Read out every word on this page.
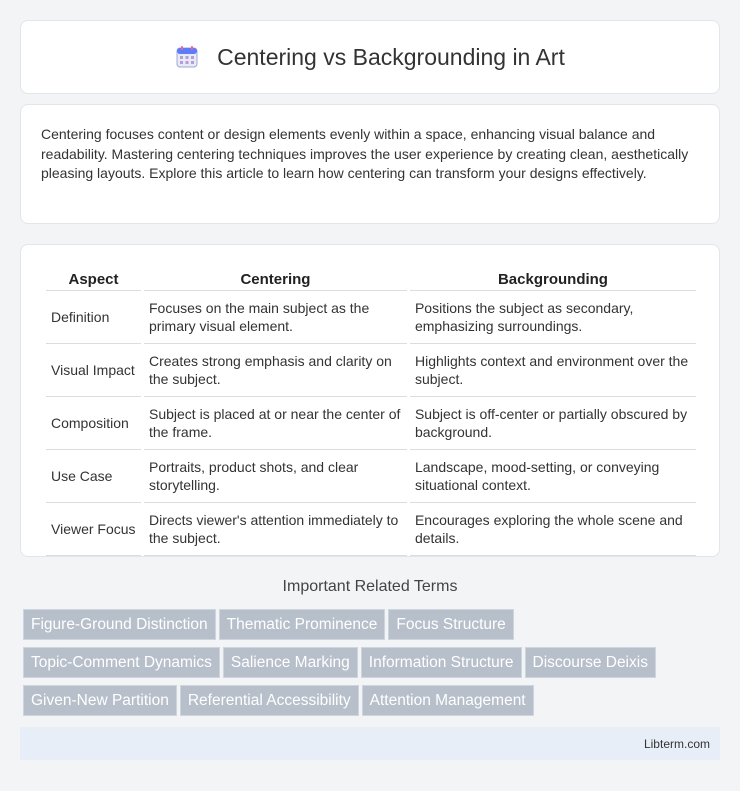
Centering vs Backgrounding in Art

Centering focuses content or design elements evenly within a space, enhancing visual balance and readability. Mastering centering techniques improves the user experience by creating clean, aesthetically pleasing layouts. Explore this article to learn how centering can transform your designs effectively.

Aspect	Centering	Backgrounding
Definition	Focuses on the main subject as the primary visual element.	Positions the subject as secondary, emphasizing surroundings.
Visual Impact	Creates strong emphasis and clarity on the subject.	Highlights context and environment over the subject.
Composition	Subject is placed at or near the center of the frame.	Subject is off-center or partially obscured by background.
Use Case	Portraits, product shots, and clear storytelling.	Landscape, mood-setting, or conveying situational context.
Viewer Focus	Directs viewer's attention immediately to the subject.	Encourages exploring the whole scene and details.
Important Related Terms
Figure-Ground Distinction Thematic Prominence Focus Structure
Topic-Comment Dynamics Salience Marking Information Structure Discourse Deixis
Given-New Partition Referential Accessibility Attention Management
Libterm.com
